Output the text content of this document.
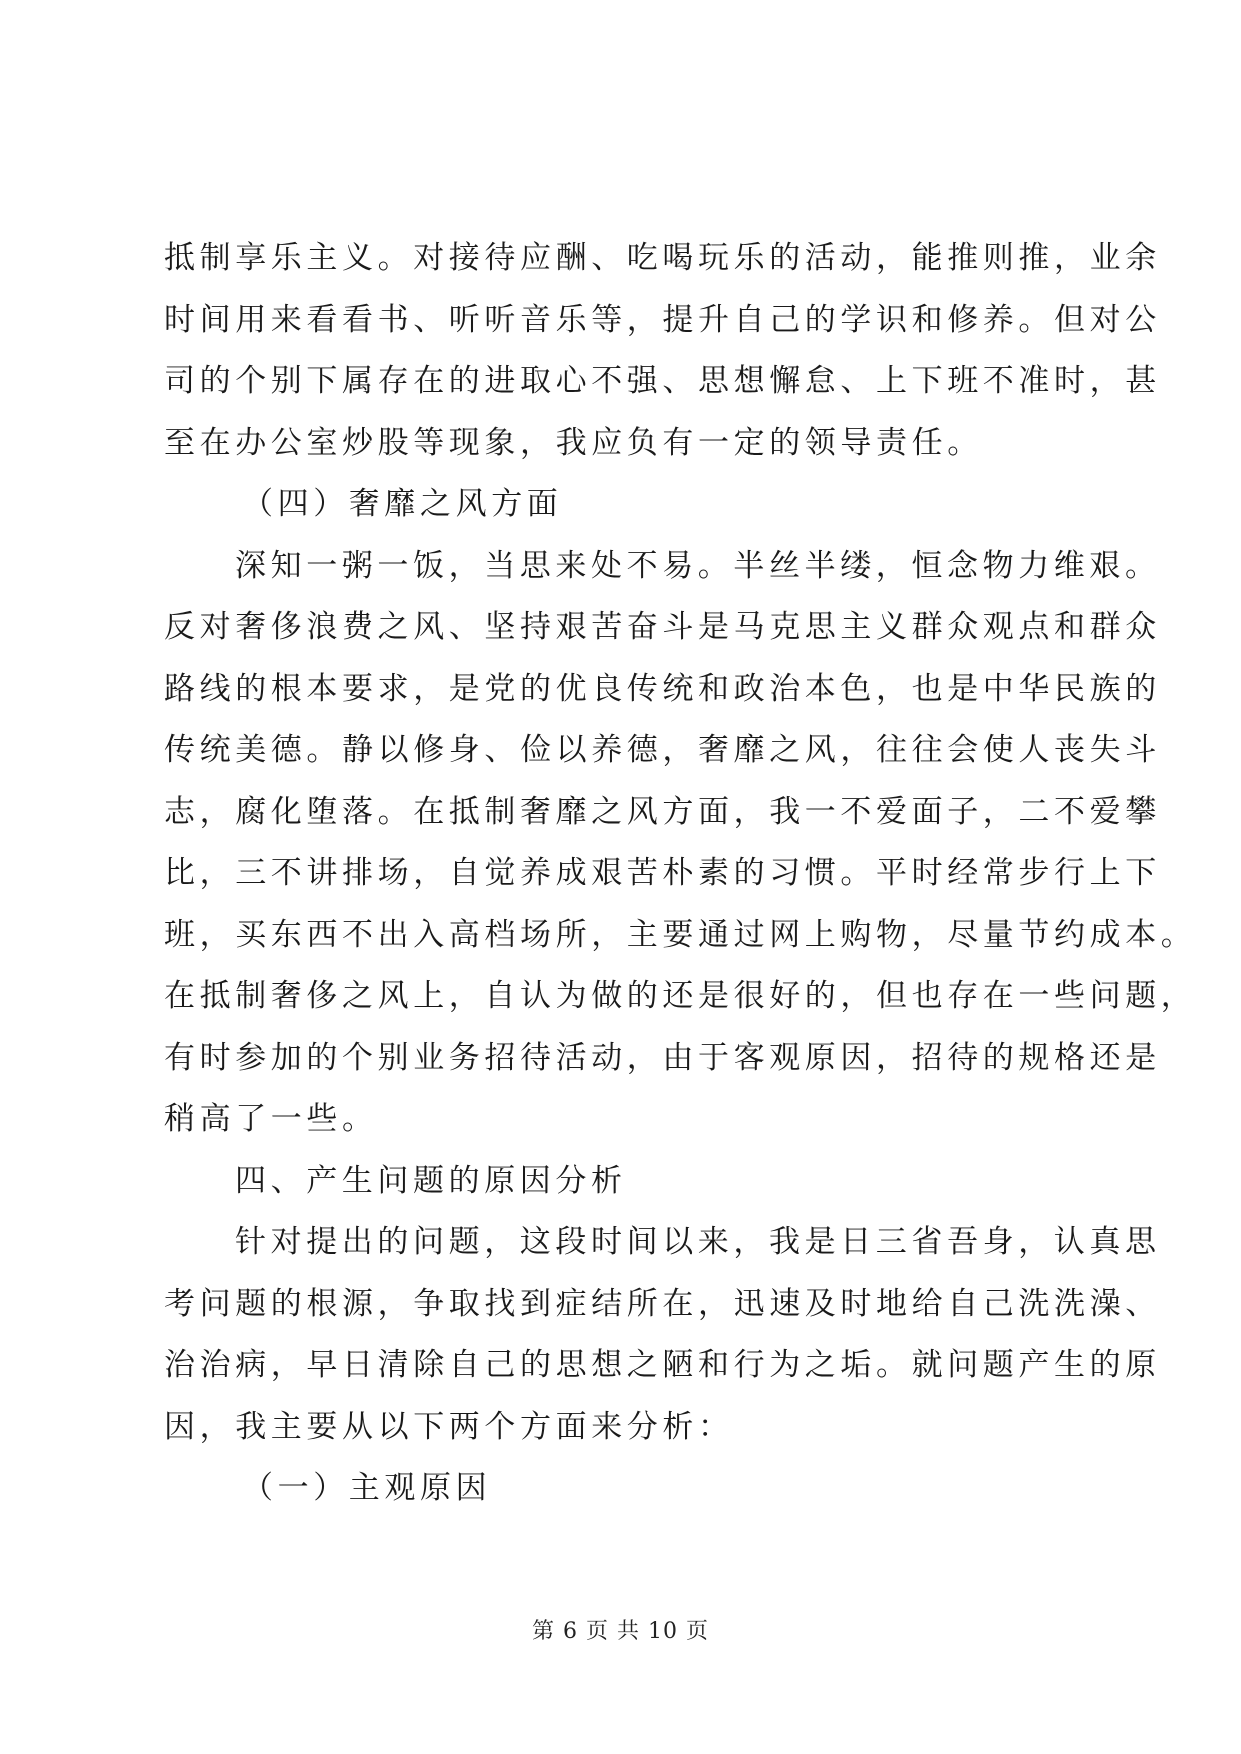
抵制享乐主义。对接待应酬、吃喝玩乐的活动，能推则推，业余
时间用来看看书、听听音乐等，提升自己的学识和修养。但对公
司的个别下属存在的进取心不强、思想懈怠、上下班不准时，甚
至在办公室炒股等现象，我应负有一定的领导责任。
（四）奢靡之风方面
深知一粥一饭，当思来处不易。半丝半缕，恒念物力维艰。
反对奢侈浪费之风、坚持艰苦奋斗是马克思主义群众观点和群众
路线的根本要求，是党的优良传统和政治本色，也是中华民族的
传统美德。静以修身、俭以养德，奢靡之风，往往会使人丧失斗
志，腐化堕落。在抵制奢靡之风方面，我一不爱面子，二不爱攀
比，三不讲排场，自觉养成艰苦朴素的习惯。平时经常步行上下
班，买东西不出入高档场所，主要通过网上购物，尽量节约成本。
在抵制奢侈之风上，自认为做的还是很好的，但也存在一些问题，
有时参加的个别业务招待活动，由于客观原因，招待的规格还是
稍高了一些。
四、产生问题的原因分析
针对提出的问题，这段时间以来，我是日三省吾身，认真思
考问题的根源，争取找到症结所在，迅速及时地给自己洗洗澡、
治治病，早日清除自己的思想之陋和行为之垢。就问题产生的原
因，我主要从以下两个方面来分析：
（一）主观原因
第 6 页 共 10 页
